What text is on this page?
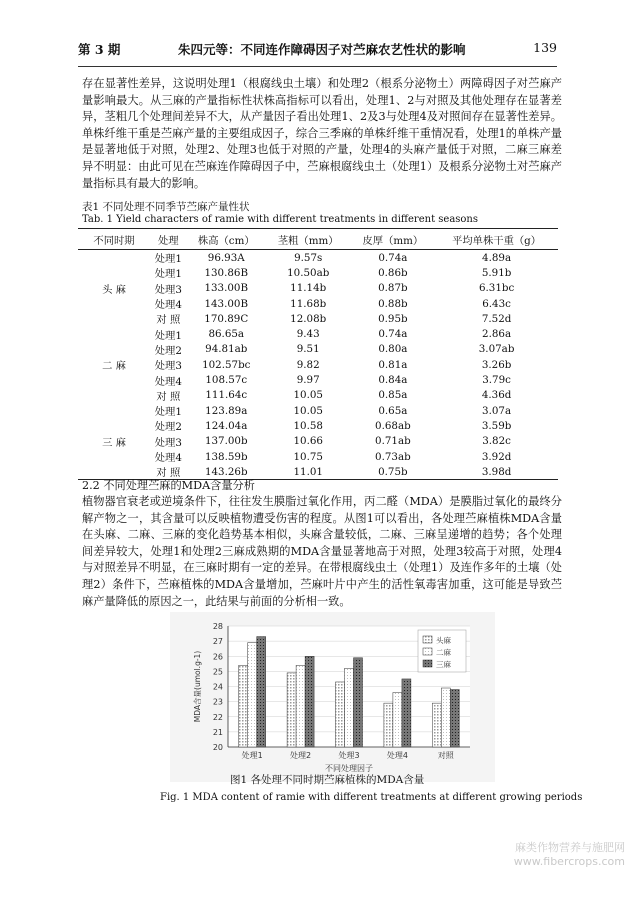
第 3 期	朱四元等：不同连作障碍因子对苎麻农艺性状的影响	139
存在显著性差异，这说明处理1（根腐线虫土壤）和处理2（根系分泌物土）两障碍因子对苎麻产量影响最大。从三麻的产量指标性状株高指标可以看出，处理1、2与对照及其他处理存在显著差异，茎粗几个处理间差异不大，从产量因子看出处理1、2及3与处理4及对照间存在显著性差异。单株纤维干重是苎麻产量的主要组成因子，综合三季麻的单株纤维干重情况看，处理1的单株产量是显著地低于对照，处理2、处理3也低于对照的产量，处理4的头麻产量低于对照，二麻三麻差异不明显：由此可见在苎麻连作障碍因子中，苎麻根腐线虫土（处理1）及根系分泌物土对苎麻产量指标具有最大的影响。
表1 不同处理不同季节苎麻产量性状
Tab. 1 Yield characters of ramie with different treatments in different seasons
不同时期	处理	株高（cm）	茎粗（mm）	皮厚（mm）	平均单株干重（g）
	处理1	96.93A	9.57s	0.74a	4.89a
	处理1	130.86B	10.50ab	0.86b	5.91b
头 麻	处理3	133.00B	11.14b	0.87b	6.31bc
	处理4	143.00B	11.68b	0.88b	6.43c
	对 照	170.89C	12.08b	0.95b	7.52d
	处理1	86.65a	9.43	0.74a	2.86a
	处理2	94.81ab	9.51	0.80a	3.07ab
二 麻	处理3	102.57bc	9.82	0.81a	3.26b
	处理4	108.57c	9.97	0.84a	3.79c
	对 照	111.64c	10.05	0.85a	4.36d
	处理1	123.89a	10.05	0.65a	3.07a
	处理2	124.04a	10.58	0.68ab	3.59b
三 麻	处理3	137.00b	10.66	0.71ab	3.82c
	处理4	138.59b	10.75	0.73ab	3.92d
	对 照	143.26b	11.01	0.75b	3.98d
2.2 不同处理苎麻的MDA含量分析
植物器官衰老或逆境条件下，往往发生膜脂过氧化作用，丙二醛（MDA）是膜脂过氧化的最终分解产物之一，其含量可以反映植物遭受伤害的程度。从图1可以看出，各处理苎麻植株MDA含量在头麻、二麻、三麻的变化趋势基本相似，头麻含量较低，二麻、三麻呈递增的趋势；各个处理间差异较大，处理1和处理2三麻成熟期的MDA含量显著地高于对照，处理3较高于对照，处理4与对照差异不明显，在三麻时期有一定的差异。在带根腐线虫土（处理1）及连作多年的土壤（处理2）条件下，苎麻植株的MDA含量增加，苎麻叶片中产生的活性氧毒害加重，这可能是导致苎麻产量降低的原因之一，此结果与前面的分析相一致。
20
21
22
23
24
25
26
27
28
处理1	处理2	处理3	处理4	对照
MDA含量(umol.g-1)
不同处理因子
头麻
二麻
三麻
图1 各处理不同时期苎麻植株的MDA含量
Fig. 1 MDA content of ramie with different treatments at different growing periods
麻类作物营养与施肥网
www.fibercrops.com
